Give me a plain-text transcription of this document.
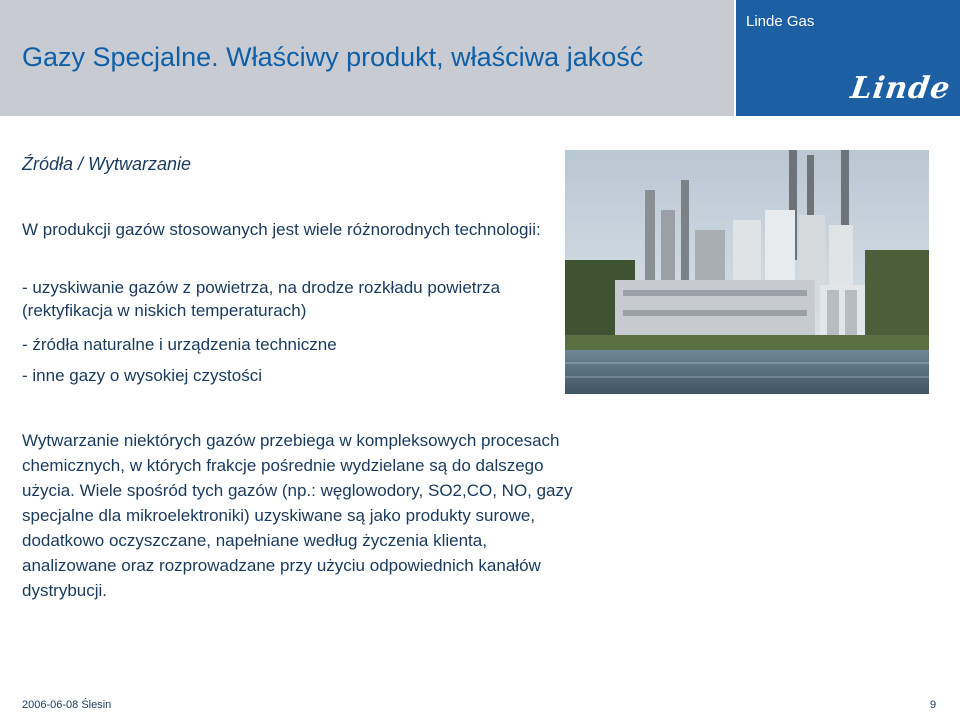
Gazy Specjalne. Właściwy produkt, właściwa jakość
Linde Gas
Linde
Źródła / Wytwarzanie
W produkcji gazów stosowanych jest wiele różnorodnych technologii:
- uzyskiwanie gazów z powietrza, na drodze rozkładu powietrza (rektyfikacja w niskich temperaturach)
- źródła naturalne i urządzenia techniczne
- inne gazy o wysokiej czystości
Wytwarzanie niektórych gazów przebiega w kompleksowych procesach chemicznych, w których frakcje pośrednie wydzielane są do dalszego użycia. Wiele spośród tych gazów (np.: węglowodory, SO2,CO, NO, gazy specjalne dla mikroelektroniki) uzyskiwane są jako produkty surowe, dodatkowo oczyszczane, napełniane według życzenia klienta, analizowane oraz rozprowadzane przy użyciu odpowiednich kanałów dystrybucji.
2006-06-08 Ślesin	9
